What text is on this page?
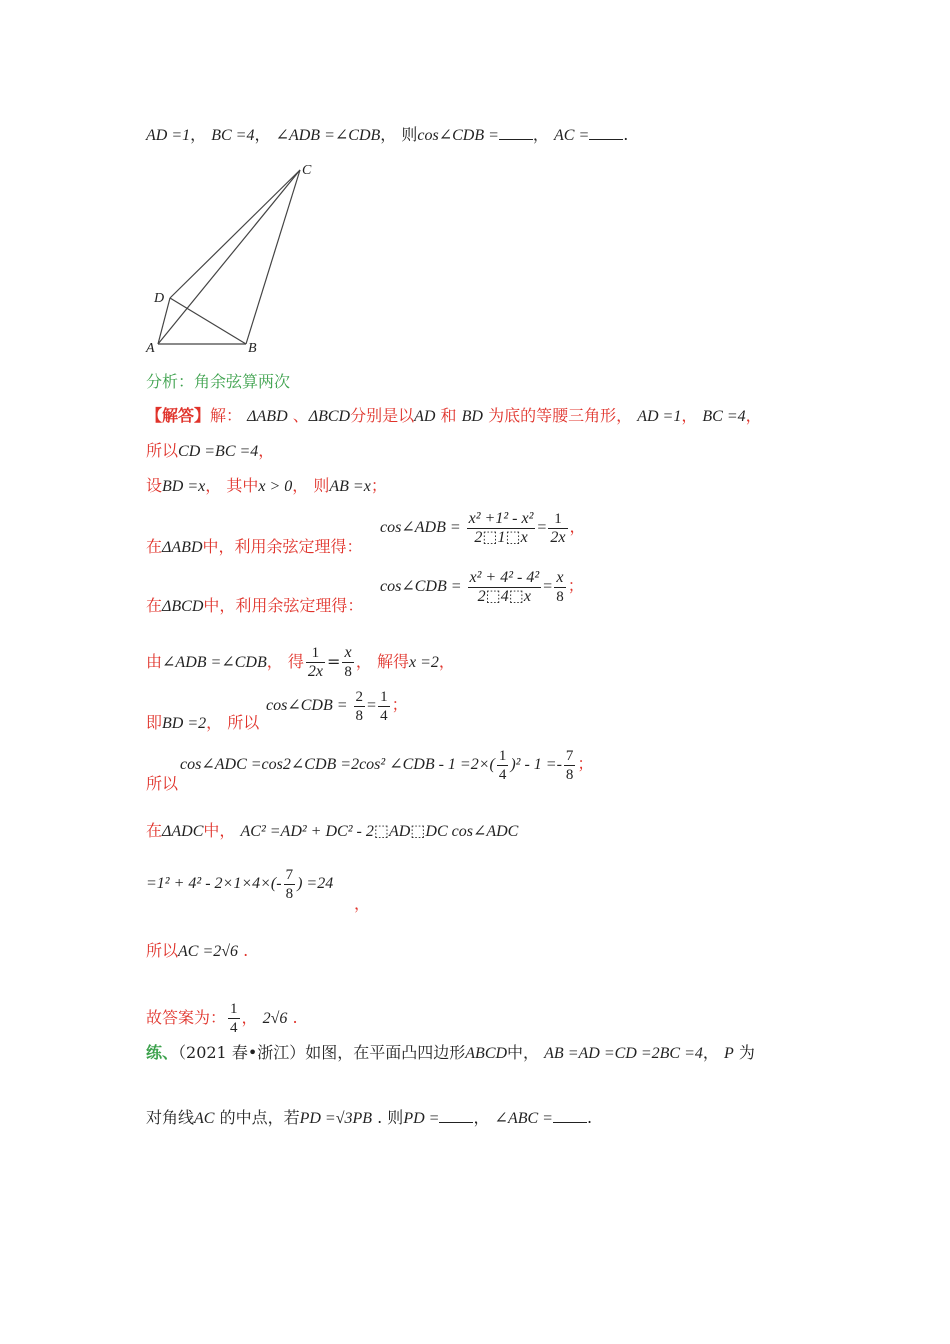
AD =1， BC =4， ∠ADB =∠CDB， 则cos∠CDB = ， AC = .
A	B
C
D
分析：角余弦算两次
【解答】解： ΔABD 、ΔBCD分别是以AD 和 BD 为底的等腰三角形， AD =1， BC =4，
所以CD =BC =4，
设BD =x， 其中x > 0， 则AB =x；
在ΔABD中，利用余弦定理得：
cos∠ADB = $\frac{\text{x² +1² - x²}}{2⬚1⬚x} = \frac{1}{2x}$ ，
在ΔBCD中，利用余弦定理得：
cos∠CDB = $\frac{\text{x² + 4² - 4²}}{2⬚4⬚x} = \frac{x}{8}$ ；
由∠ADB =∠CDB， 得 $\frac{1}{2x} = \frac{x}{8}$ ， 解得x =2，
即BD =2， 所以
cos∠CDB = $\frac{2}{8} = \frac{1}{4}$ ；
所以
cos∠ADC =cos2∠CDB =2cos² ∠CDB - $1 =2\times( \frac{1}{4} )^2 - 1 =- \frac{7}{8}$ ；
在ΔADC中， AC² =AD² + DC² - 2⬚AD⬚DC cos∠ADC
$=1^2 + 4^2 - 2\times 1\times 4\times(- \frac{7}{8}$ ) =24
，
所以AC =2√6 .
故答案为： $\frac{1}{4}$ ， 2√6 .
练、（2021 春•浙江）如图，在平面凸四边形ABCD中， AB =AD =CD =2BC =4， P 为
对角线AC 的中点，若PD =√3PB . 则PD = ， ∠ABC = .
